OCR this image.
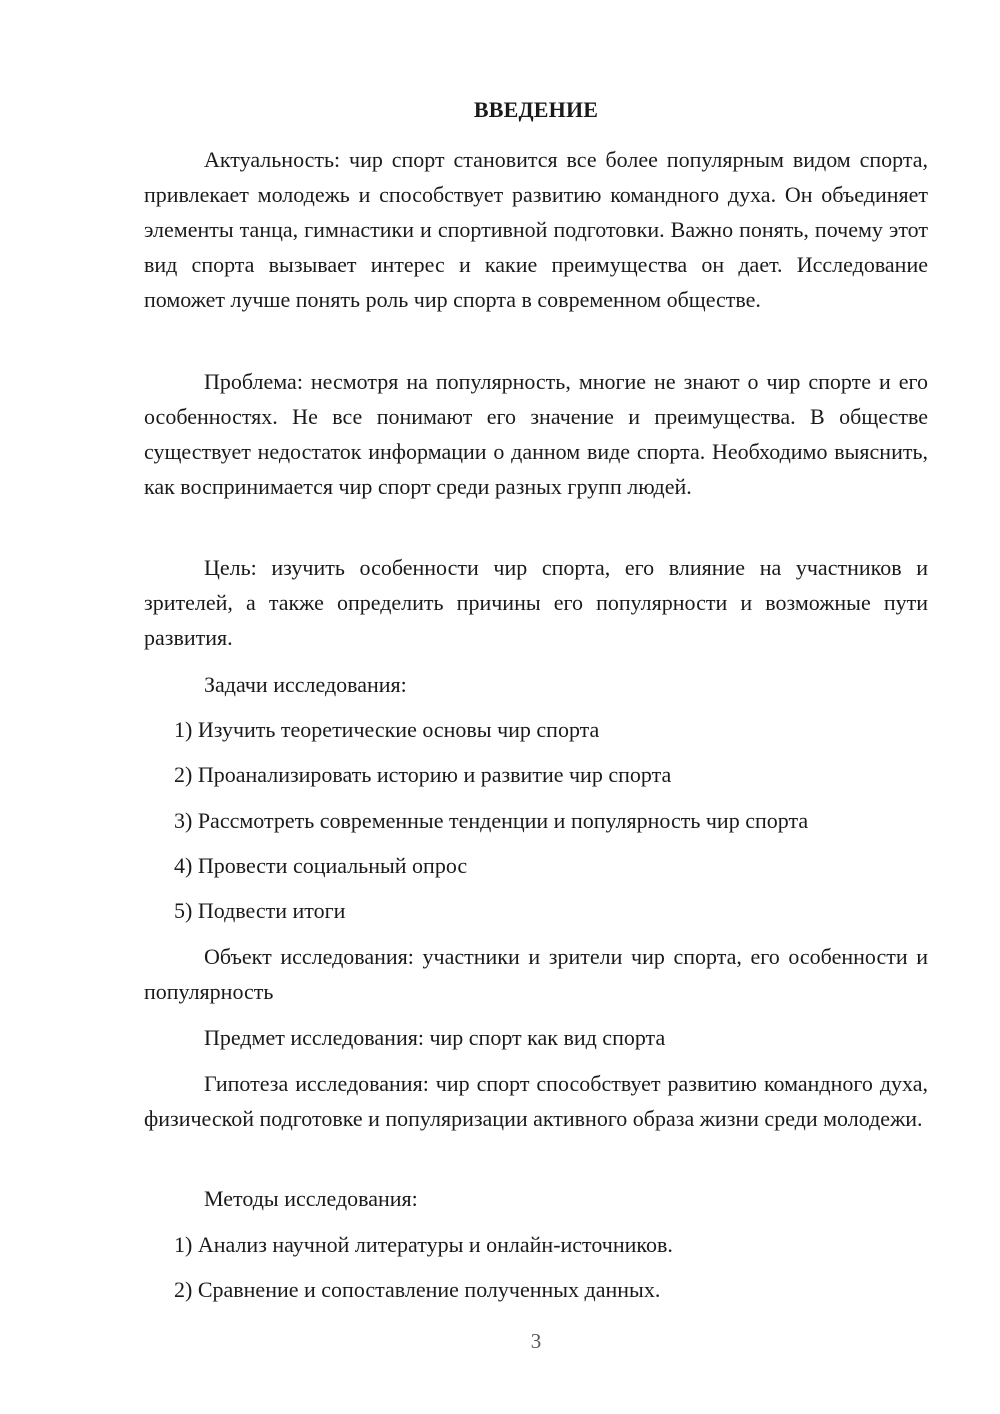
ВВЕДЕНИЕ

Актуальность: чир спорт становится все более популярным видом спорта, привлекает молодежь и способствует развитию командного духа. Он объединяет элементы танца, гимнастики и спортивной подготовки. Важно понять, почему этот вид спорта вызывает интерес и какие преимущества он дает. Исследование поможет лучше понять роль чир спорта в современном обществе.

Проблема: несмотря на популярность, многие не знают о чир спорте и его особенностях. Не все понимают его значение и преимущества. В обществе существует недостаток информации о данном виде спорта. Необходимо выяснить, как воспринимается чир спорт среди разных групп людей.

Цель: изучить особенности чир спорта, его влияние на участников и зрителей, а также определить причины его популярности и возможные пути развития.

Задачи исследования:

1) Изучить теоретические основы чир спорта

2) Проанализировать историю и развитие чир спорта

3) Рассмотреть современные тенденции и популярность чир спорта

4) Провести социальный опрос

5) Подвести итоги

Объект исследования: участники и зрители чир спорта, его особенности и популярность

Предмет исследования: чир спорт как вид спорта

Гипотеза исследования: чир спорт способствует развитию командного духа, физической подготовке и популяризации активного образа жизни среди молодежи.

Методы исследования:

1) Анализ научной литературы и онлайн-источников.

2) Сравнение и сопоставление полученных данных.

3
